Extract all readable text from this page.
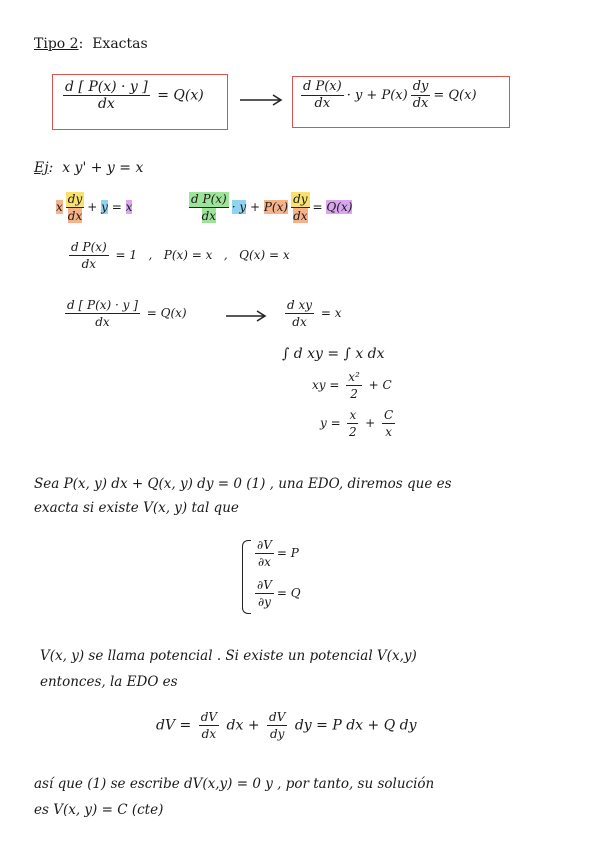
Tipo 2: Exactas
$\frac{d [ P(x) \cdot y ]}{dx} = Q(x)$	$\frac{\text{d P(x)}}{dx} \cdot y + P(x) \frac{dy}{dx} = Q(x)$
Ej: x y' + y = x
x $\frac{dy}{dx} + y = x$	$\frac{\text{d P(x)}}{dx} \cdot y + P(x) \frac{dy}{dx} = Q(x)$
$\frac{\text{d P(x)}}{dx} = 1$ , P(x) = x , Q(x) = x
$\frac{d [ P(x) \cdot y ]}{dx} = Q(x)$	$\frac{\text{d xy}}{dx} = x$
∫ d xy = ∫ x dx
xy = $\frac{\text{x²}}{2} + C$
$y = \frac{x}{2} + \frac{C}{x}$
Sea P(x, y) dx + Q(x, y) dy = 0 (1) , una EDO, diremos que es
exacta si existe V(x, y) tal que
$\frac{\partial V}{\partial x} = P$
$\frac{\partial V}{\partial y} = Q$
V(x, y) se llama potencial . Si existe un potencial V(x,y)
entonces, la EDO es
dV = $\frac{dV}{dx}$ dx + $\frac{dV}{dy}$ dy = P dx + Q dy
así que (1) se escribe dV(x,y) = 0 y , por tanto, su solución
es V(x, y) = C (cte)
